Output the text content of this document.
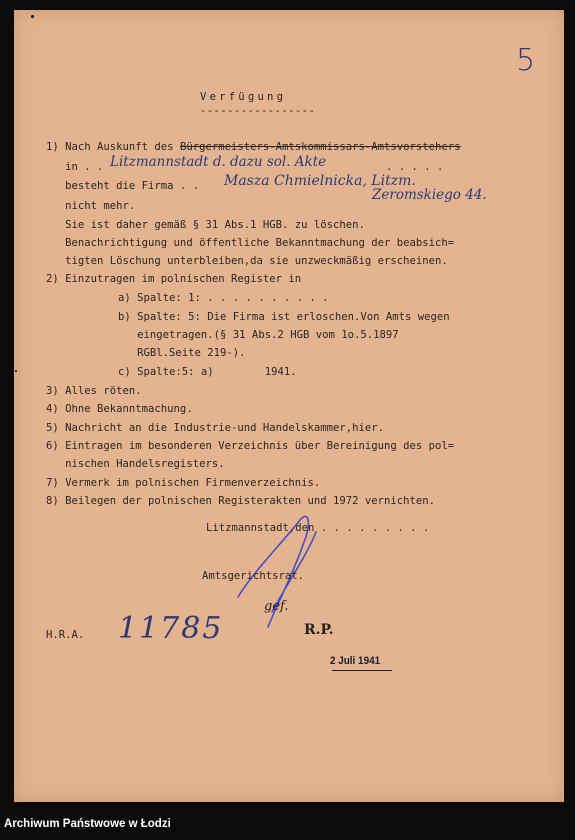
5
Verfügung
-----------------
1) Nach Auskunft des Bürgermeisters-Amtskommissars-Amtsvorstehers
in . . Litzmannstadt d. dazu sol. Akte	. . . . .
besteht die Firma . . Masza Chmielnicka, Litzm.
Zeromskiego 44.
nicht mehr.
Sie ist daher gemäß § 31 Abs.1 HGB. zu löschen.
Benachrichtigung und öffentliche Bekanntmachung der beabsich=
tigten Löschung unterbleiben,da sie unzweckmäßig erscheinen.
2) Einzutragen im polnischen Register in
a) Spalte: 1: . . . . . . . . . .
b) Spalte: 5: Die Firma ist erloschen.Von Amts wegen
eingetragen.(§ 31 Abs.2 HGB vom 1o.5.1897
RGBl.Seite 219-).
c) Spalte:5: a)        1941.
3) Alles röten.
4) Ohne Bekanntmachung.
5) Nachricht an die Industrie-und Handelskammer,hier.
6) Eintragen im besonderen Verzeichnis über Bereinigung des pol=
nischen Handelsregisters.
7) Vermerk im polnischen Firmenverzeichnis.
8) Beilegen der polnischen Registerakten und 1972 vernichten.
Litzmannstadt,den . . . . . . . . .
Amtsgerichtsrat.
gef.
H.R.A. 11785	R.P.
2 Juli 1941
Archiwum Państwowe w Łodzi
